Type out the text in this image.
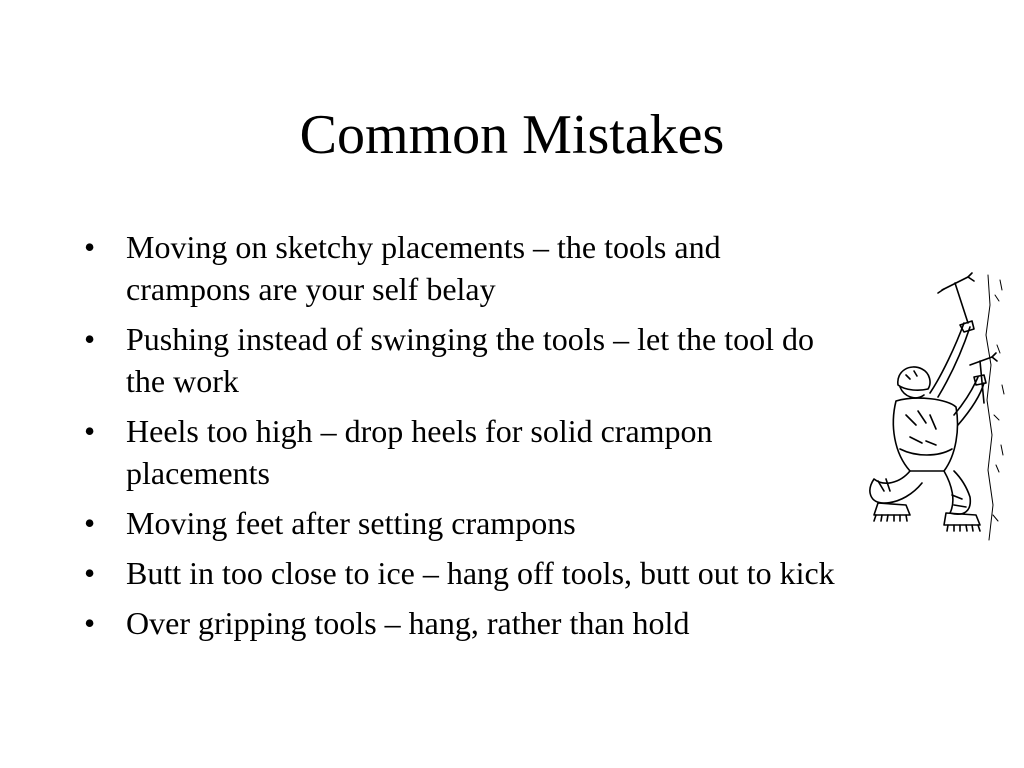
Common Mistakes
• Moving on sketchy placements – the tools and crampons are your self belay
• Pushing instead of swinging the tools – let the tool do the work
• Heels too high – drop heels for solid crampon placements
• Moving feet after setting crampons
• Butt in too close to ice – hang off tools, butt out to kick
• Over gripping tools – hang, rather than hold
